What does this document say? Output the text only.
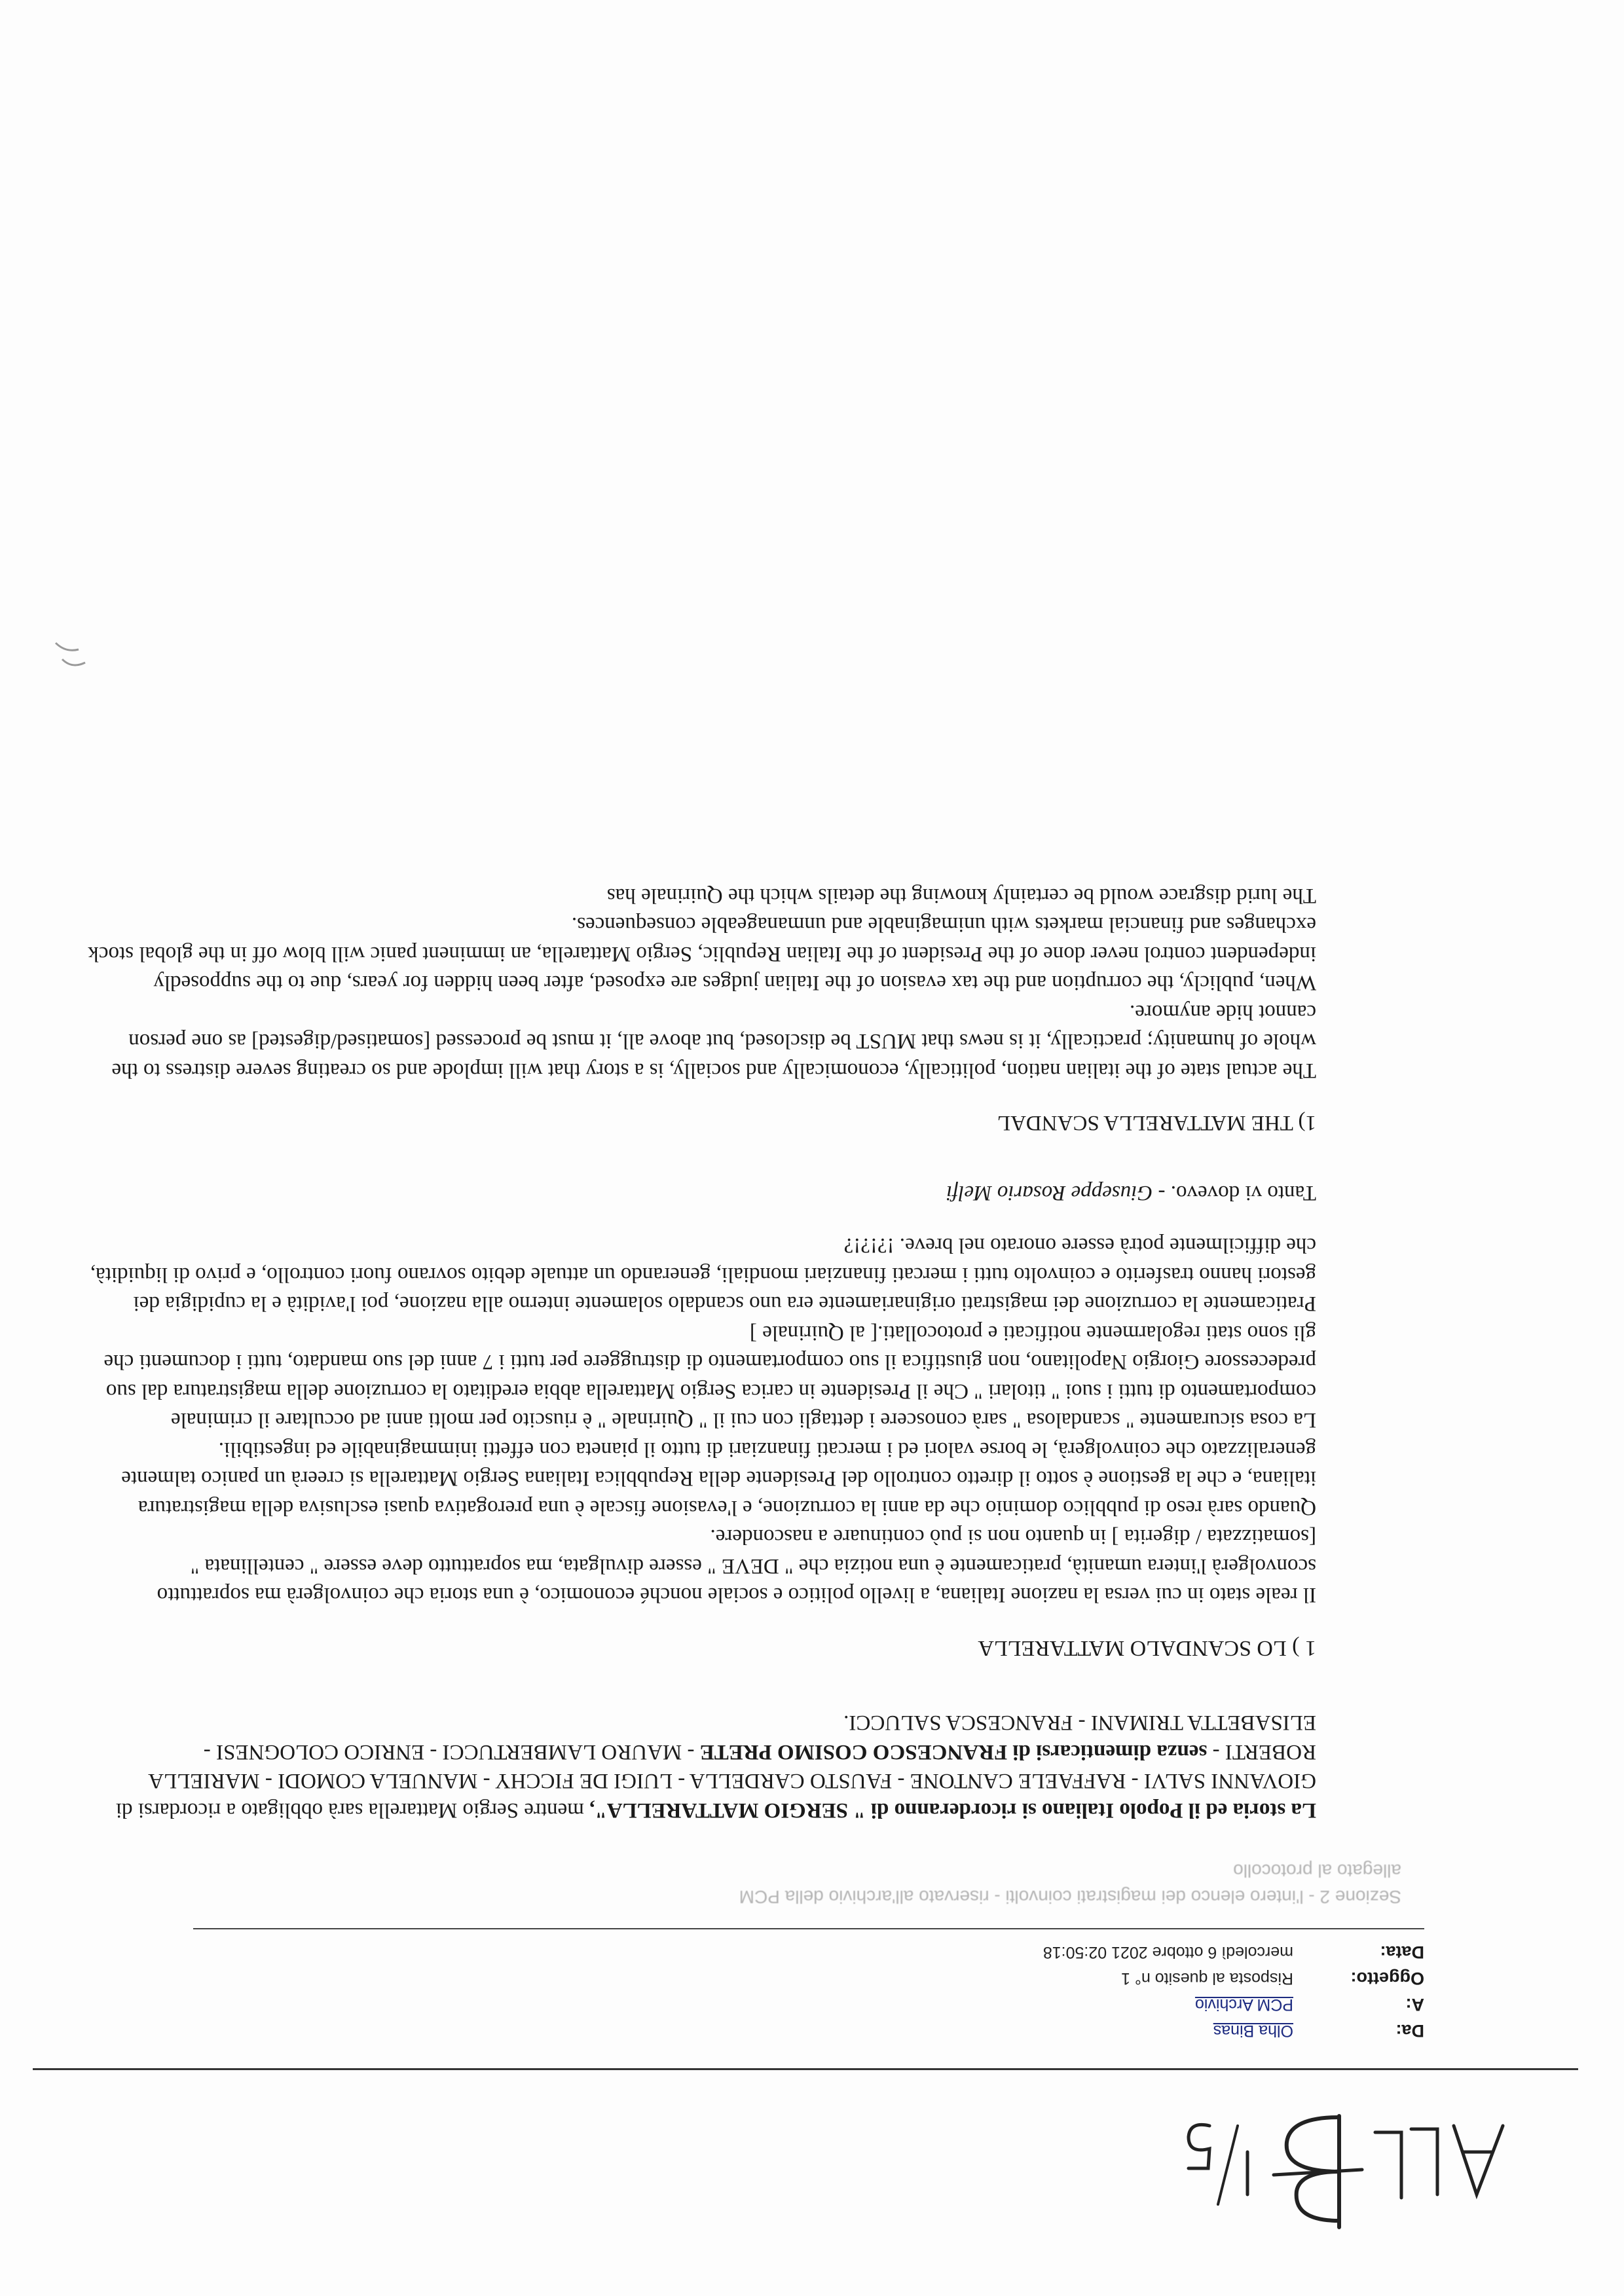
Da:
Olha Binas
A:
PCM Archivio
Oggetto:
Risposta al quesito n° 1
Data:
mercoledì 6 ottobre 2021 02:50:18
Sezione 2 - l'intero elenco dei magistrati coinvolti - riservato all'archivio della PCM
allegato al protocollo

La storia ed il Popolo Italiano si ricorderanno di " SERGIO MATTARELLA", mentre Sergio Mattarella sarà obbligato a ricordarsi di GIOVANNI SALVI - RAFFAELE CANTONE - FAUSTO CARDELLA - LUIGI DE FICCHY - MANUELA COMODI - MARIELLA ROBERTI - senza dimenticarsi di FRANCESCO COSIMO PRETE - MAURO LAMBERTUCCI - ENRICO COLOGNESI - ELISABETTA TRIMANI - FRANCESCA SALUCCI.

1 ) LO SCANDALO MATTARELLA

Il reale stato in cui versa la nazione Italiana, a livello politico e sociale nonché economico, è una storia che coinvolgerà ma soprattutto sconvolgerà l'intera umanità, praticamente è una notizia che " DEVE " essere divulgata, ma soprattutto deve essere " centellinata " [somatizzata / digerita ] in quanto non si può continuare a nascondere.

Quando sarà reso di pubblico dominio che da anni la corruzione, e l'evasione fiscale è una prerogativa quasi esclusiva della magistratura italiana, e che la gestione è sotto il diretto controllo del Presidente della Repubblica Italiana Sergio Mattarella si creerà un panico talmente generalizzato che coinvolgerà, le borse valori ed i mercati finanziari di tutto il pianeta con effetti inimmaginabile ed ingestibili.

La cosa sicuramente " scandalosa " sarà conoscere i dettagli con cui il " Quirinale " è riuscito per molti anni ad occultare il criminale comportamento di tutti i suoi " titolari " Che il Presidente in carica Sergio Mattarella abbia ereditato la corruzione della magistratura dal suo predecessore Giorgio Napolitano, non giustifica il suo comportamento di distruggere per tutti i 7 anni del suo mandato, tutti i documenti che gli sono stati regolarmente notificati e protocollati.[ al Quirinale ]

Praticamente la corruzione dei magistrati originariamente era uno scandalo solamente interno alla nazione, poi l'avidità e la cupidigia dei gestori hanno trasferito e coinvolto tutti i mercati finanziari mondiali, generando un attuale debito sovrano fuori controllo, e privo di liquidità, che difficilmente potrà essere onorato nel breve. !?!?!?

Tanto vi dovevo. - Giuseppe Rosario Melfi

1) THE MATTARELLA SCANDAL

The actual state of the italian nation, politically, economically and socially, is a story that will implode and so creating severe distress to the whole of humanity; practically, it is news that MUST be disclosed, but above all, it must be processed [somatised/digested] as one person cannot hide anymore.

When, publicly, the corruption and the tax evasion of the Italian judges are exposed, after been hidden for years, due to the supposedly independent control never done of the President of the Italian Republic, Sergio Mattarella, an imminent panic will blow off in the global stock exchanges and financial markets with unimaginable and unmanageable consequences.

The lurid disgrace would be certainly knowing the details which the Quirinale has
